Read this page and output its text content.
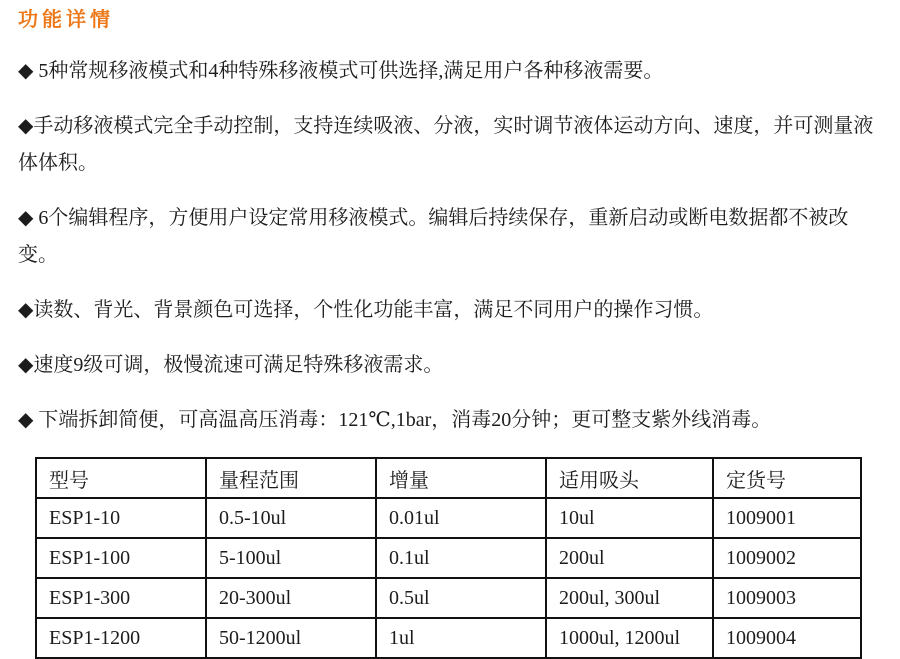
功能详情

◆ 5种常规移液模式和4种特殊移液模式可供选择,满足用户各种移液需要。

◆手动移液模式完全手动控制，支持连续吸液、分液，实时调节液体运动方向、速度，并可测量液体体积。

◆ 6个编辑程序，方便用户设定常用移液模式。编辑后持续保存，重新启动或断电数据都不被改变。

◆读数、背光、背景颜色可选择，个性化功能丰富，满足不同用户的操作习惯。

◆速度9级可调，极慢流速可满足特殊移液需求。

◆ 下端拆卸简便，可高温高压消毒：121℃,1bar，消毒20分钟；更可整支紫外线消毒。

型号	量程范围	增量	适用吸头	定货号
ESP1-10	0.5-10ul	0.01ul	10ul	1009001
ESP1-100	5-100ul	0.1ul	200ul	1009002
ESP1-300	20-300ul	0.5ul	200ul, 300ul	1009003
ESP1-1200	50-1200ul	1ul	1000ul, 1200ul	1009004
